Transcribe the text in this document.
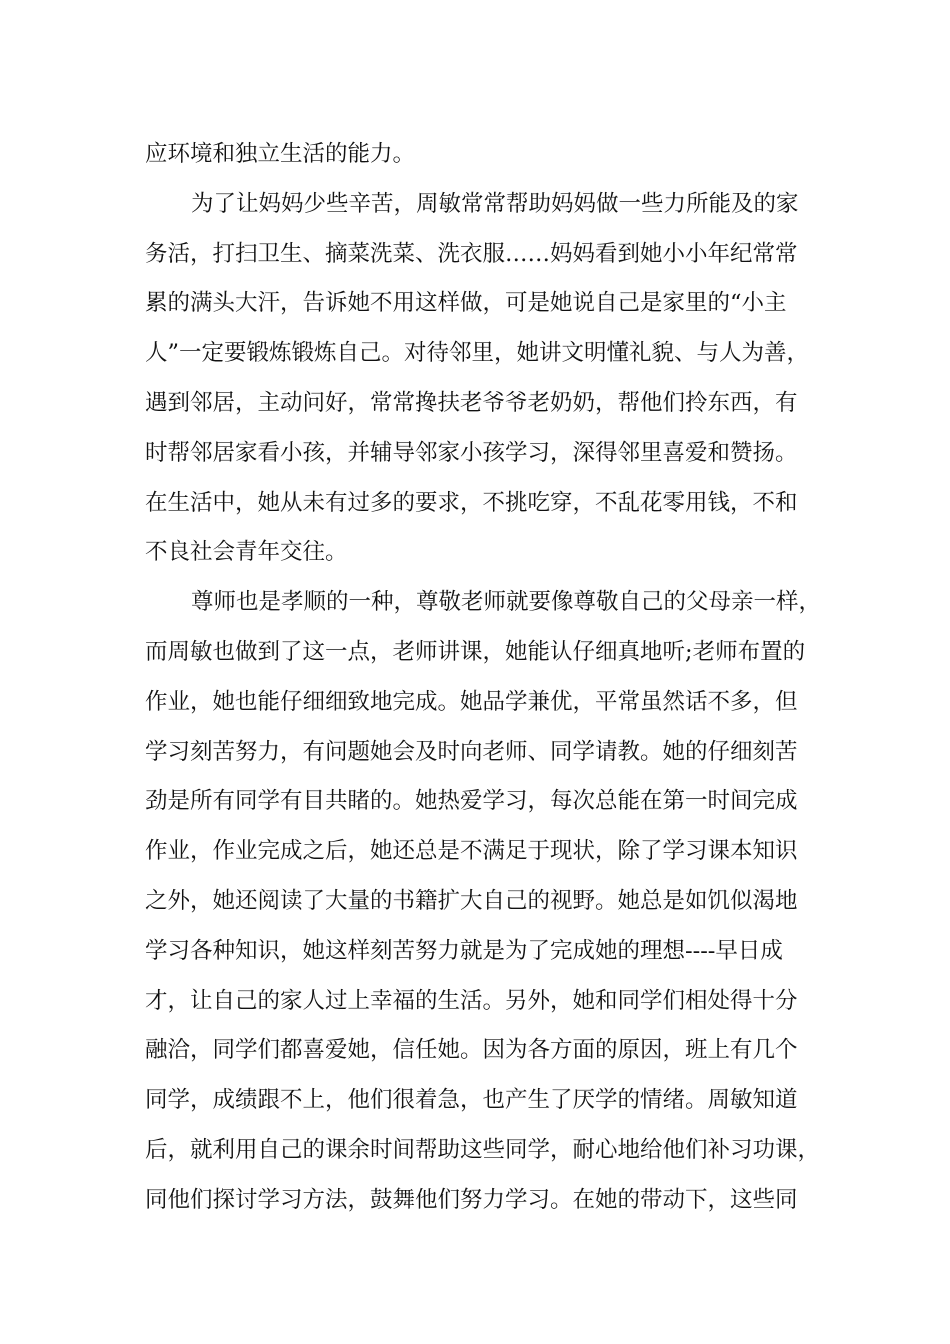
应环境和独立生活的能力。
为了让妈妈少些辛苦，周敏常常帮助妈妈做一些力所能及的家
务活，打扫卫生、摘菜洗菜、洗衣服……妈妈看到她小小年纪常常
累的满头大汗，告诉她不用这样做，可是她说自己是家里的“小主
人”一定要锻炼锻炼自己。对待邻里，她讲文明懂礼貌、与人为善，
遇到邻居，主动问好，常常搀扶老爷爷老奶奶，帮他们拎东西，有
时帮邻居家看小孩，并辅导邻家小孩学习，深得邻里喜爱和赞扬。
在生活中，她从未有过多的要求，不挑吃穿，不乱花零用钱，不和
不良社会青年交往。
尊师也是孝顺的一种，尊敬老师就要像尊敬自己的父母亲一样，
而周敏也做到了这一点，老师讲课，她能认仔细真地听;老师布置的
作业，她也能仔细细致地完成。她品学兼优，平常虽然话不多，但
学习刻苦努力，有问题她会及时向老师、同学请教。她的仔细刻苦
劲是所有同学有目共睹的。她热爱学习，每次总能在第一时间完成
作业，作业完成之后，她还总是不满足于现状，除了学习课本知识
之外，她还阅读了大量的书籍扩大自己的视野。她总是如饥似渴地
学习各种知识，她这样刻苦努力就是为了完成她的理想----早日成
才，让自己的家人过上幸福的生活。另外，她和同学们相处得十分
融洽，同学们都喜爱她，信任她。因为各方面的原因，班上有几个
同学，成绩跟不上，他们很着急，也产生了厌学的情绪。周敏知道
后，就利用自己的课余时间帮助这些同学，耐心地给他们补习功课，
同他们探讨学习方法，鼓舞他们努力学习。在她的带动下，这些同
